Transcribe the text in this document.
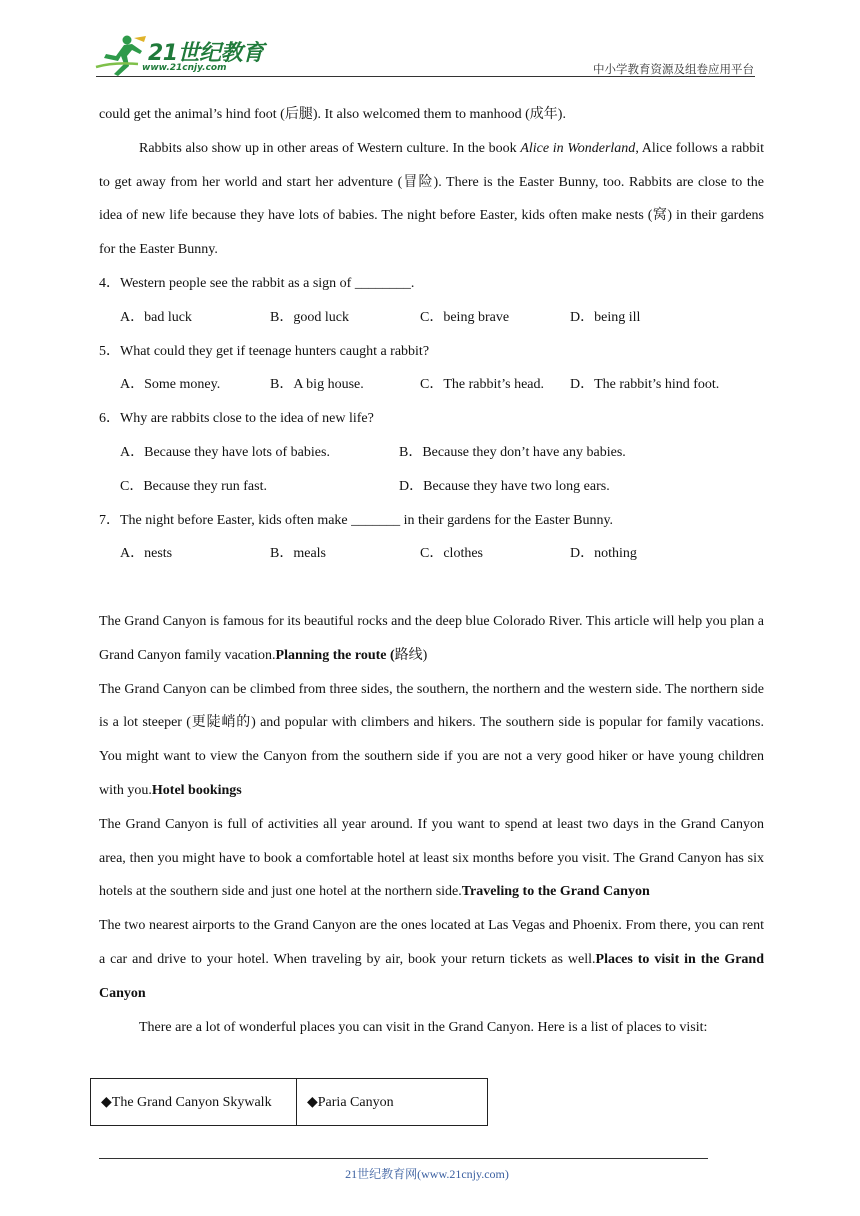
21世纪教育
www.21cnjy.com	中小学教育资源及组卷应用平台

could get the animal’s hind foot (后腿). It also welcomed them to manhood (成年).

Rabbits also show up in other areas of Western culture. In the book Alice in Wonderland, Alice follows a rabbit to get away from her world and start her adventure (冒险). There is the Easter Bunny, too. Rabbits are close to the idea of new life because they have lots of babies. The night before Easter, kids often make nests (窝) in their gardens for the Easter Bunny.

4．Western people see the rabbit as a sign of ________.

A．bad luck	B．good luck	C．being brave	D．being ill

5．What could they get if teenage hunters caught a rabbit?

A．Some money.	B．A big house.	C．The rabbit’s head.	D．The rabbit’s hind foot.

6．Why are rabbits close to the idea of new life?

A．Because they have lots of babies.	B．Because they don’t have any babies.
C．Because they run fast.	D．Because they have two long ears.

7．The night before Easter, kids often make _______ in their gardens for the Easter Bunny.

A．nests	B．meals	C．clothes	D．nothing

The Grand Canyon is famous for its beautiful rocks and the deep blue Colorado River. This article will help you plan a Grand Canyon family vacation.Planning the route (路线)

The Grand Canyon can be climbed from three sides, the southern, the northern and the western side. The northern side is a lot steeper (更陡峭的) and popular with climbers and hikers. The southern side is popular for family vacations. You might want to view the Canyon from the southern side if you are not a very good hiker or have young children with you.Hotel bookings

The Grand Canyon is full of activities all year around. If you want to spend at least two days in the Grand Canyon area, then you might have to book a comfortable hotel at least six months before you visit. The Grand Canyon has six hotels at the southern side and just one hotel at the northern side.Traveling to the Grand Canyon

The two nearest airports to the Grand Canyon are the ones located at Las Vegas and Phoenix. From there, you can rent a car and drive to your hotel. When traveling by air, book your return tickets as well.Places to visit in the Grand Canyon

There are a lot of wonderful places you can visit in the Grand Canyon. Here is a list of places to visit:

◆The Grand Canyon Skywalk	◆Paria Canyon
21世纪教育网(www.21cnjy.com)
